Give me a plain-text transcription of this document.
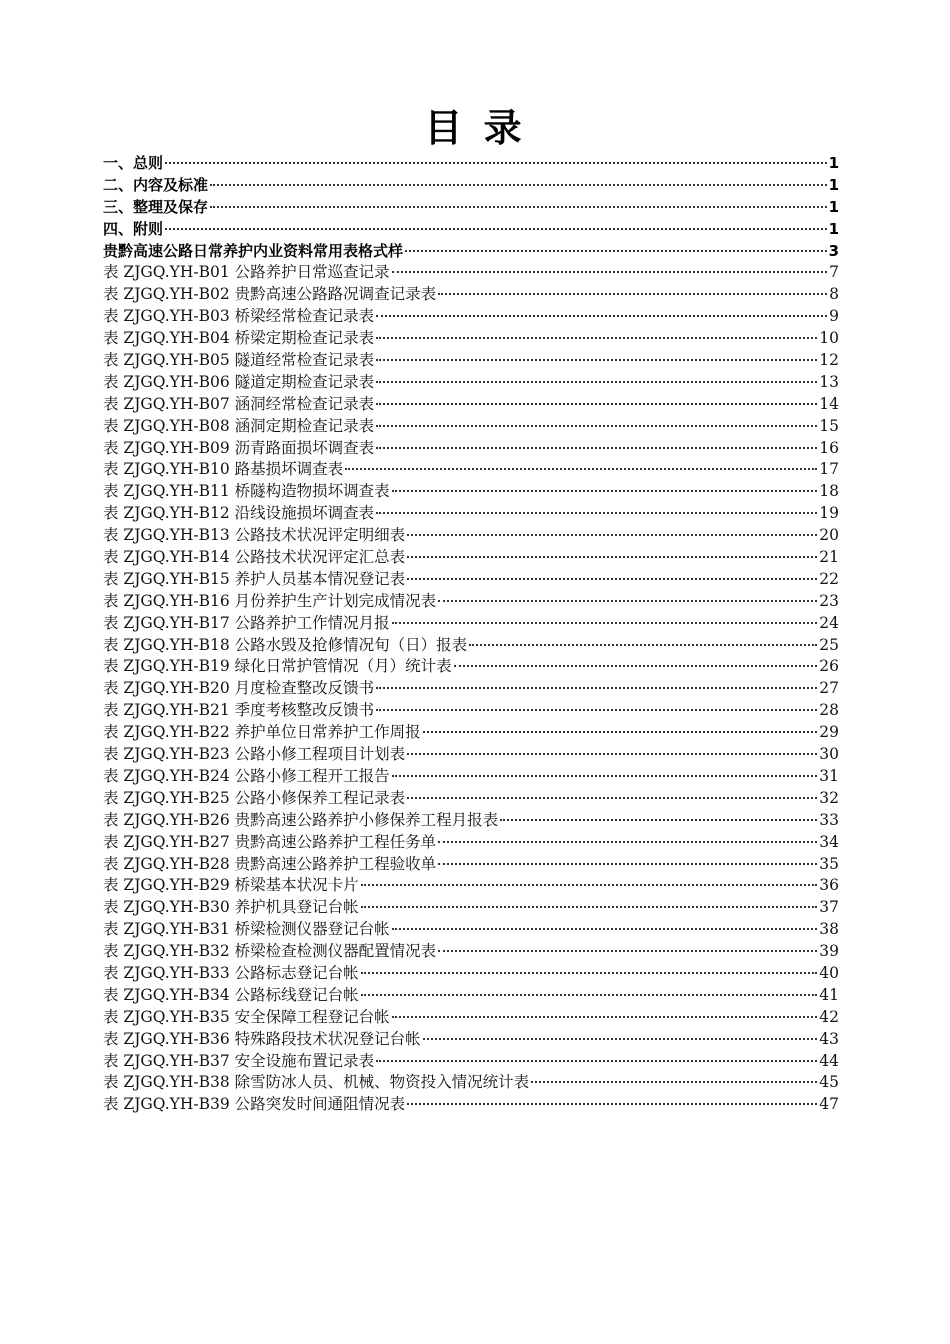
目 录
一、总则	1
二、内容及标准	1
三、整理及保存	1
四、附则	1
贵黔高速公路日常养护内业资料常用表格式样	3
表 ZJGQ.YH-B01 公路养护日常巡查记录	7
表 ZJGQ.YH-B02 贵黔高速公路路况调查记录表	8
表 ZJGQ.YH-B03 桥梁经常检查记录表	9
表 ZJGQ.YH-B04 桥梁定期检查记录表	10
表 ZJGQ.YH-B05 隧道经常检查记录表	12
表 ZJGQ.YH-B06 隧道定期检查记录表	13
表 ZJGQ.YH-B07 涵洞经常检查记录表	14
表 ZJGQ.YH-B08 涵洞定期检查记录表	15
表 ZJGQ.YH-B09 沥青路面损坏调查表	16
表 ZJGQ.YH-B10 路基损坏调查表	17
表 ZJGQ.YH-B11 桥隧构造物损坏调查表	18
表 ZJGQ.YH-B12 沿线设施损坏调查表	19
表 ZJGQ.YH-B13 公路技术状况评定明细表	20
表 ZJGQ.YH-B14 公路技术状况评定汇总表	21
表 ZJGQ.YH-B15 养护人员基本情况登记表	22
表 ZJGQ.YH-B16 月份养护生产计划完成情况表	23
表 ZJGQ.YH-B17 公路养护工作情况月报	24
表 ZJGQ.YH-B18 公路水毁及抢修情况旬（日）报表	25
表 ZJGQ.YH-B19 绿化日常护管情况（月）统计表	26
表 ZJGQ.YH-B20 月度检查整改反馈书	27
表 ZJGQ.YH-B21 季度考核整改反馈书	28
表 ZJGQ.YH-B22 养护单位日常养护工作周报	29
表 ZJGQ.YH-B23 公路小修工程项目计划表	30
表 ZJGQ.YH-B24 公路小修工程开工报告	31
表 ZJGQ.YH-B25 公路小修保养工程记录表	32
表 ZJGQ.YH-B26 贵黔高速公路养护小修保养工程月报表	33
表 ZJGQ.YH-B27 贵黔高速公路养护工程任务单	34
表 ZJGQ.YH-B28 贵黔高速公路养护工程验收单	35
表 ZJGQ.YH-B29 桥梁基本状况卡片	36
表 ZJGQ.YH-B30 养护机具登记台帐	37
表 ZJGQ.YH-B31 桥梁检测仪器登记台帐	38
表 ZJGQ.YH-B32 桥梁检查检测仪器配置情况表	39
表 ZJGQ.YH-B33 公路标志登记台帐	40
表 ZJGQ.YH-B34 公路标线登记台帐	41
表 ZJGQ.YH-B35 安全保障工程登记台帐	42
表 ZJGQ.YH-B36 特殊路段技术状况登记台帐	43
表 ZJGQ.YH-B37 安全设施布置记录表	44
表 ZJGQ.YH-B38 除雪防冰人员、机械、物资投入情况统计表	45
表 ZJGQ.YH-B39 公路突发时间通阻情况表	47
